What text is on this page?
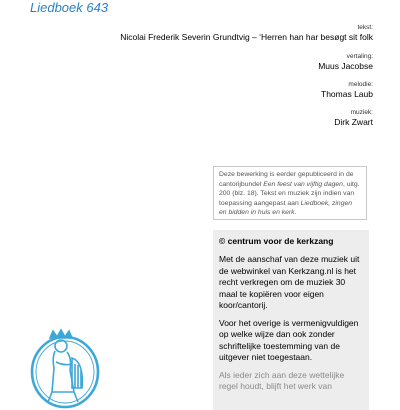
Liedboek 643
tekst:
Nicolai Frederik Severin Grundtvig – ‘Herren han har besøgt sit folk
vertaling:
Muus Jacobse
melodie:
Thomas Laub
muziek:
Dirk Zwart
Deze bewerking is eerder gepubliceerd in de cantorijbundel Een feest van vijftig dagen, uitg. 200 (blz. 18). Tekst en muziek zijn indien van toepassing aangepast aan Liedboek, zingen en bidden in huis en kerk.
© centrum voor de kerkzang

Met de aanschaf van deze muziek uit de webwinkel van Kerkzang.nl is het recht verkregen om de muziek 30 maal te kopiëren voor eigen koor/cantorij.

Voor het overige is vermenigvuldigen op welke wijze dan ook zonder schriftelijke toestemming van de uitgever niet toegestaan.

Als ieder zich aan deze wettelijke regel houdt, blijft het werk van
